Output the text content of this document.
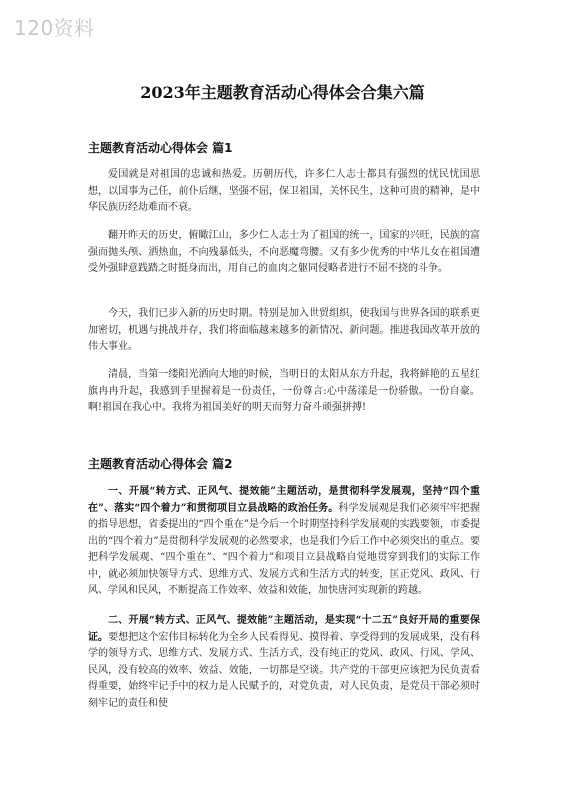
120资料
2023年主题教育活动心得体会合集六篇
主题教育活动心得体会 篇1

爱国就是对祖国的忠诚和热爱。历朝历代，许多仁人志士都具有强烈的忧民忧国思想，以国事为己任，前仆后继，坚强不屈，保卫祖国，关怀民生，这种可贵的精神，是中华民族历经劫难而不衰。

翻开昨天的历史，俯瞰江山，多少仁人志士为了祖国的统一，国家的兴旺，民族的富强而抛头颅、洒热血，不向残暴低头，不向恶魔弯腰。又有多少优秀的中华儿女在祖国遭受外强肆意践踏之时挺身而出，用自己的血肉之躯同侵略者进行不屈不挠的斗争。

今天，我们已步入新的历史时期。特别是加入世贸组织，使我国与世界各国的联系更加密切，机遇与挑战并存，我们将面临越来越多的新情况、新问题。推进我国改革开放的伟大事业。

清晨，当第一缕阳光洒向大地的时候，当明日的太阳从东方升起，我将鲜艳的五星红旗冉冉升起，我感到手里握着是一份责任，一份尊言:心中荡漾是一份骄傲。一份自豪。啊!祖国在我心中。我将为祖国美好的明天而努力奋斗顽强拼搏!

主题教育活动心得体会 篇2

一、开展“转方式、正风气、提效能”主题活动，是贯彻科学发展观，坚持“四个重在”、落实“四个着力”和贯彻项目立县战略的政治任务。科学发展观是我们必须牢牢把握的指导思想，省委提出的“四个重在”是今后一个时期坚持科学发展观的实践要领，市委提出的“四个着力”是贯彻科学发展观的必然要求，也是我们今后工作中必须突出的重点。要把科学发展观、“四个重在”、“四个着力”和项目立县战略自觉地贯穿到我们的实际工作中，就必须加快领导方式、思维方式、发展方式和生活方式的转变，匡正党风、政风、行风、学风和民风，不断提高工作效率、效益和效能，加快唐河实现新的跨越。

二、开展“转方式、正风气、提效能”主题活动，是实现“十二五”良好开局的重要保证。要想把这个宏伟目标转化为全乡人民看得见、摸得着、享受得到的发展成果，没有科学的领导方式、思维方式、发展方式、生活方式，没有纯正的党风、政风、行风、学风、民风，没有较高的效率、效益、效能，一切都是空谈。共产党的干部更应该把为民负责看得重要，始终牢记手中的权力是人民赋予的，对党负责，对人民负责，是党员干部必须时刻牢记的责任和使
